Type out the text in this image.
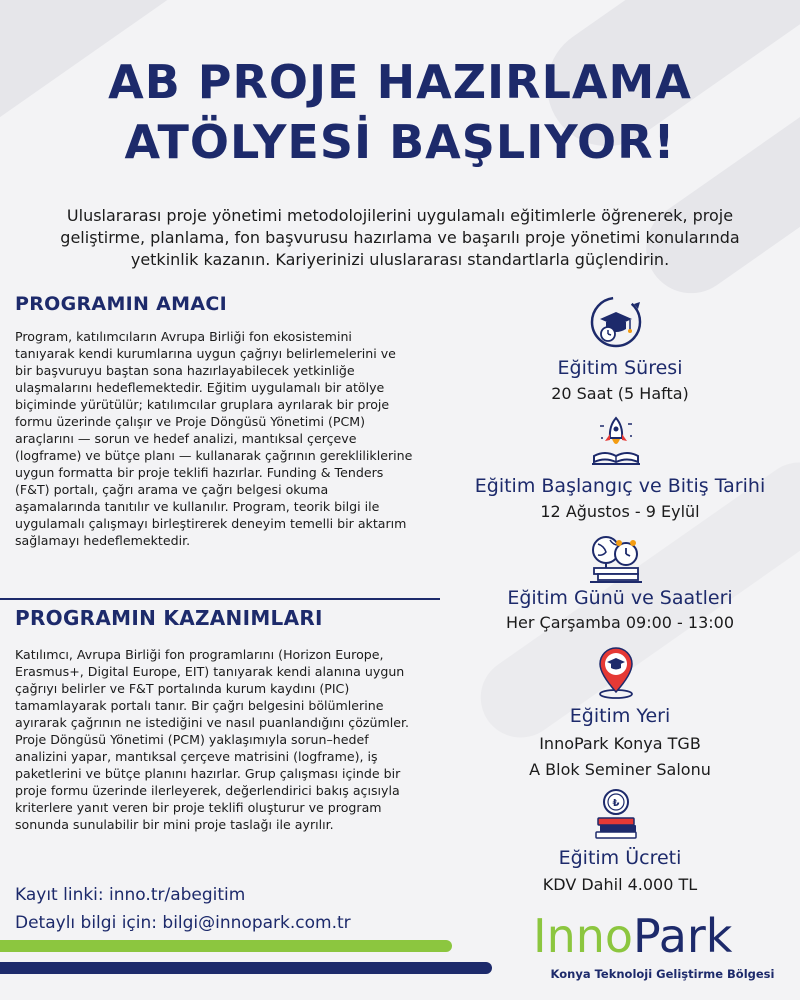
AB PROJE HAZIRLAMA
ATÖLYESİ BAŞLIYOR!

Uluslararası proje yönetimi metodolojilerini uygulamalı eğitimlerle öğrenerek, proje geliştirme, planlama, fon başvurusu hazırlama ve başarılı proje yönetimi konularında yetkinlik kazanın. Kariyerinizi uluslararası standartlarla güçlendirin.

PROGRAMIN AMACI

Program, katılımcıların Avrupa Birliği fon ekosistemini tanıyarak kendi kurumlarına uygun çağrıyı belirlemelerini ve bir başvuruyu baştan sona hazırlayabilecek yetkinliğe ulaşmalarını hedeflemektedir. Eğitim uygulamalı bir atölye biçiminde yürütülür; katılımcılar gruplara ayrılarak bir proje formu üzerinde çalışır ve Proje Döngüsü Yönetimi (PCM) araçlarını — sorun ve hedef analizi, mantıksal çerçeve (logframe) ve bütçe planı — kullanarak çağrının gerekliliklerine uygun formatta bir proje teklifi hazırlar. Funding & Tenders (F&T) portalı, çağrı arama ve çağrı belgesi okuma aşamalarında tanıtılır ve kullanılır. Program, teorik bilgi ile uygulamalı çalışmayı birleştirerek deneyim temelli bir aktarım sağlamayı hedeflemektedir.

PROGRAMIN KAZANIMLARI

Katılımcı, Avrupa Birliği fon programlarını (Horizon Europe, Erasmus+, Digital Europe, EIT) tanıyarak kendi alanına uygun çağrıyı belirler ve F&T portalında kurum kaydını (PIC) tamamlayarak portalı tanır. Bir çağrı belgesini bölümlerine ayırarak çağrının ne istediğini ve nasıl puanlandığını çözümler. Proje Döngüsü Yönetimi (PCM) yaklaşımıyla sorun–hedef analizini yapar, mantıksal çerçeve matrisini (logframe), iş paketlerini ve bütçe planını hazırlar. Grup çalışması içinde bir proje formu üzerinde ilerleyerek, değerlendirici bakış açısıyla kriterlere yanıt veren bir proje teklifi oluşturur ve program sonunda sunulabilir bir mini proje taslağı ile ayrılır.

Kayıt linki: inno.tr/abegitim

Detaylı bilgi için: bilgi@innopark.com.tr

Eğitim Süresi

20 Saat (5 Hafta)

Eğitim Başlangıç ve Bitiş Tarihi

12 Ağustos - 9 Eylül

Eğitim Günü ve Saatleri

Her Çarşamba 09:00 - 13:00

Eğitim Yeri

InnoPark Konya TGB

A Blok Seminer Salonu

₺

Eğitim Ücreti

KDV Dahil 4.000 TL

InnoPark

Konya Teknoloji Geliştirme Bölgesi
